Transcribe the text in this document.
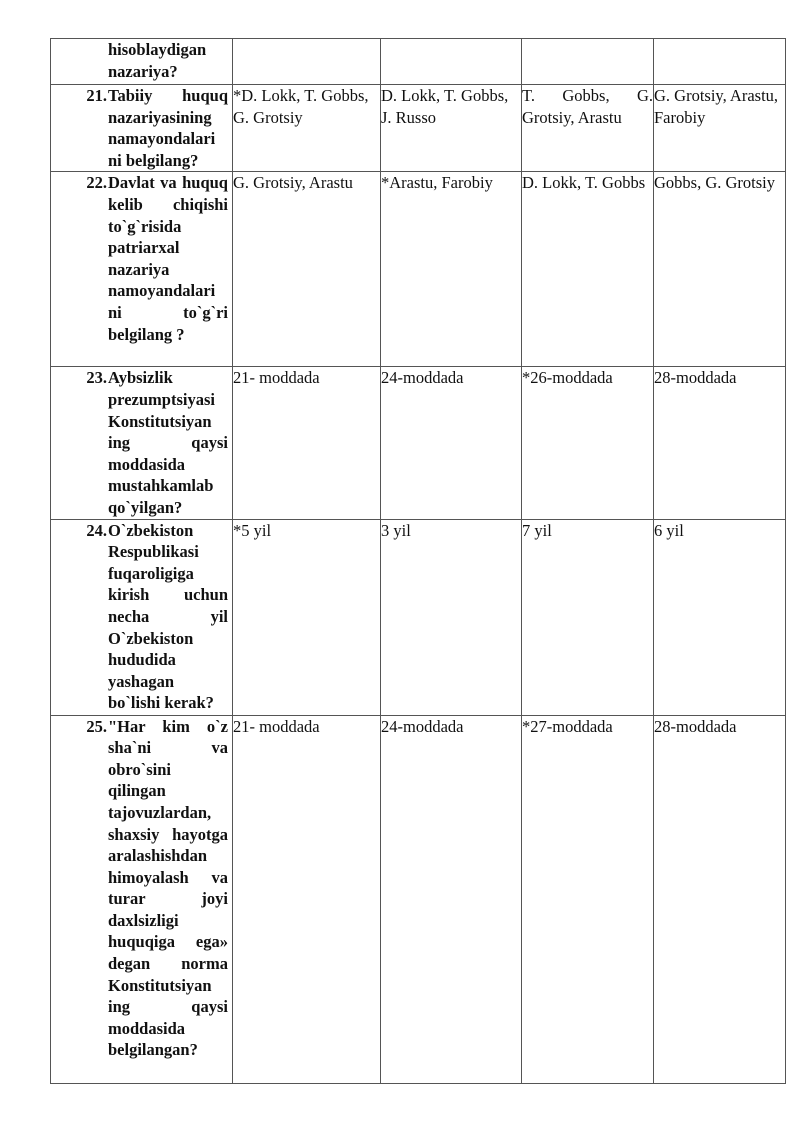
hisoblaydigan nazariya?				

21. Tabiiy huquq nazariyasining namayondalari ni belgilang?	*D. Lokk, T. Gobbs, G. Grotsiy	D. Lokk, T. Gobbs, J. Russo	T. Gobbs, G. Grotsiy, Arastu	G. Grotsiy, Arastu, Farobiy

22. Davlat va huquq kelib chiqishi to`g`risida patriarxal nazariya namoyandalari ni to`g`ri belgilang ?	G. Grotsiy, Arastu	*Arastu, Farobiy	D. Lokk, T. Gobbs	Gobbs, G. Grotsiy

23. Aybsizlik prezumptsiyasi Konstitutsiyan ing qaysi moddasida mustahkamlab qo`yilgan?	21- moddada	24-moddada	*26-moddada	28-moddada

24. O`zbekiston Respublikasi fuqaroligiga kirish uchun necha yil O`zbekiston hududida yashagan bo`lishi kerak?	*5 yil	3 yil	7 yil	6 yil

25. "Har kim o`z sha`ni va obro`sini qilingan tajovuzlardan, shaxsiy hayotga aralashishdan himoyalash va turar joyi daxlsizligi huquqiga ega» degan norma Konstitutsiyan ing qaysi moddasida belgilangan?	21- moddada	24-moddada	*27-moddada	28-moddada
